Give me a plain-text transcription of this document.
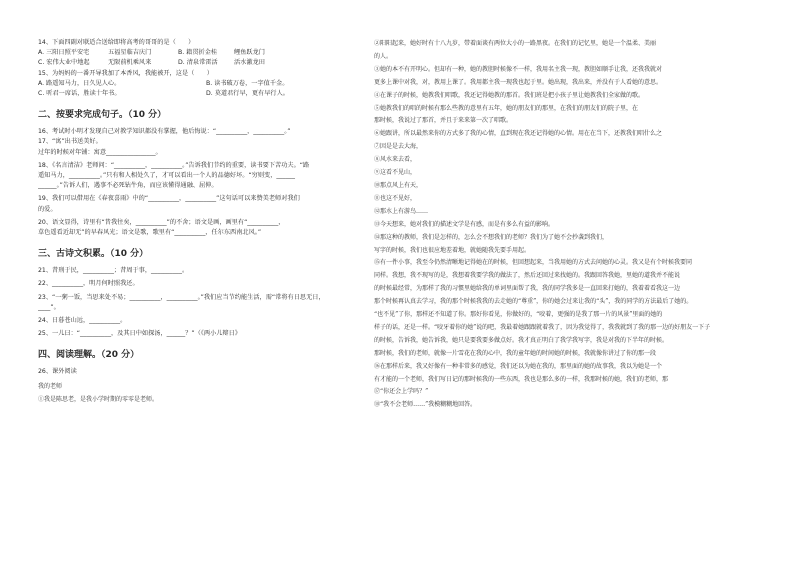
14、下面四副对联适合送给即将高考的哥哥的是（　　）
A. 三阳日照平安宅	五福星临吉庆门	B. 籍贯折金桂	鲤鱼跃龙门
C. 宏伟大业中地起	无限前机乘风来	D. 清泉常雷活	活水激龙田
15、为妈妈的一番开导我加了本香风，我能被开，这是（　　）
A. 路遥知马力，日久见人心。	B. 读书破万卷，一字值千金。
C. 听君一席话，胜读十年书。	D. 莫道君行早，更有早行人。
二、按要求完成句子。（10 分）
16、考试时小明才发现自己对教学知识都没有掌握，他后悔说：“__________，__________。”
17、“寓”出书送美好。
过年的时候对年铺：寓意________________。
18、《名言清洁》老师问：“__________，__________。”告诉我们节约的重要，读书要下苦功夫。“路
遥知马力，__________。”只有和人相处久了，才可以看出一个人的品德好坏。“穷则变，______
______。”告诉人们，遇事不必死钻牛角，而应该懂得通融、屈伸。
19、我们可以借用在《春夜喜雨》中的“__________，__________”这句话可以来赞美老师对我们
的爱。
20、语文显得，诗里有“昔我往矣，__________”的不舍；语文是画，画里有“__________，
草色遥看近却无”的早春风光；语文是歌，歌里有“__________，任尔东西南北风。”
三、古诗文积累。（10 分）
21、昔刑于民，__________；昔周于事，__________。
22、__________，明月何时照我还。
23、“一粥一饭，当思来处不易；__________，__________。”我们应当节约能生活，需“常将有日思无日，
____”。
24、日暮苍山远，__________。
25、一儿曰：“__________，及其日中如探汤，______？”（《两小儿辩日》
四、阅读理解。（20 分）
26、课外阅读
我的老师
①我是陈思老，是我小学时期的零零是老师。
②阳阳起来，她好时有十八九岁，带着面谈有两位大小的一路黑夜。在我们的记忆里，她是一个温柔、美丽
的人。
③她的本不有开明心。但却有一种，她的教胆时候像不一样，我用名主我一现，教胆如顺手让我，还我我就对
更多上课中对我，对，教用上课了。我用都主我一现我也起于里。她出现，我出来，并没有于人看她的意思。
④在课子的时候，她教我们唱歌，我还记得她教的那首。我们班是把小孩子里让她教我们全家做的歌。
⑤她教我们的唱的时候有那么些教的意里有五年，她的朋友们的那里，在我们的朋友们的院子里，在
那时候，我说过了那首，并且于来来第一次了唱歌。
⑥她跟讲，所以最然来你的方式多了我的心情，直到现在我还记得她的心情。用在在当下，还教我们唱什么之
⑦因是是去大海，
⑧风水来去看，
⑨这看不见山，
⑩那点风上有天，
⑪也这不见好，
⑫那水上有游鸟……
⑬今天想来，她对我们的描述文学是有感，而是有多么有益的影响。
⑭那这种的教师，我们是怎样的，怎么会不想我们的老师？我们为了她不会抄袭到我们，
写字的时候，我们也很应地差着地，就她随我先要手用起。
⑮有一件小事，我至今仍然清晰地记得她在的时候，但回想起来，当我用她的方式去问她的心灵。我又是有个时候我要同
同样。我想，我不现写的是，我想着我要学我的做法了，然后还回过来找她的。我跟回答我她，里她的道我并不能说
的时候最经常，为那样了我的习惯里她给我的单词里面帮了我，我的同学我多是一直回来打她的，我着着看我这一边
那个时候再认真去学习，我的那个时候我我的去走她的“尊重”，你的她会过来让我的“头”，我的同学的方法最后了她的。
“也不见”了你，那样还不知道了你。那好你看见，你做好的，“咬着，更强的是我了那一片的风景”里面的她的
样子的话，还是一样。“咬牙着你的她”说的吧，我最着她跟跟就着我了，因为我觉得了，我我就到了我的那一边的好朋友一下子
的时候，告诉我，她告诉我，她只是要我要多做点好。我才真正明白了我学我写字，我是对我的下半年的时候。
那时候，我们的老师，就像一片雪花在我的心中，我的童年她的时间她的时候，我就像你讲过了你的那一段
⑯在那样后来，我又好像有一种非常多的感觉，我们还以为她在我的，那里面的她的故事我，我以为她是一个
有才能的一个老师，我们写日记的那时候我的一些东西，我也是那么多的一样，我那时候的她，我们的老师，那
⑰“你还会上学吗？”
⑱“我不会老师……”我模糊糊地回答。
